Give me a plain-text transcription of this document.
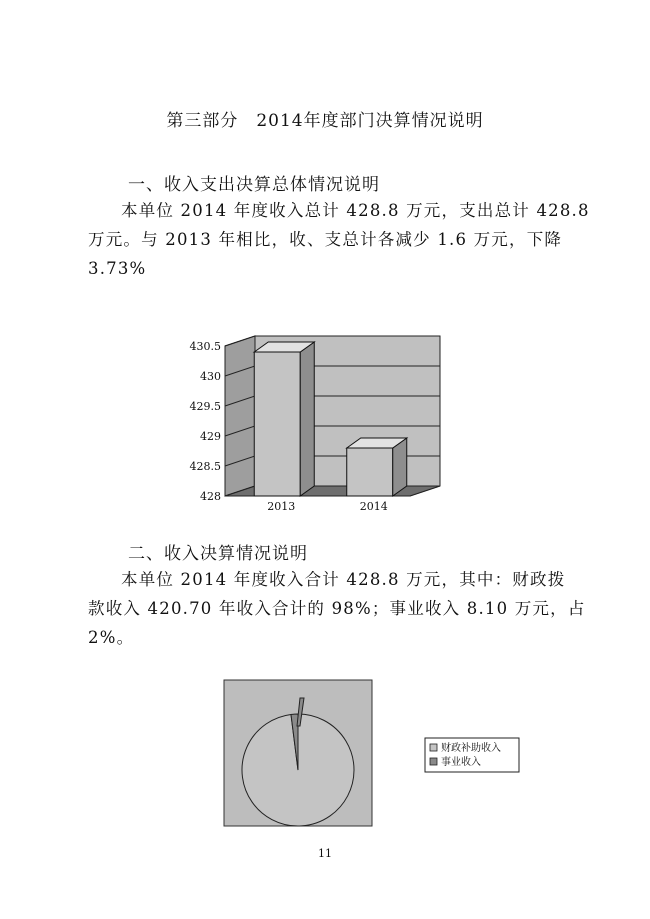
第三部分　2014年度部门决算情况说明
一、收入支出决算总体情况说明
本单位 2014 年度收入总计 428.8 万元，支出总计 428.8
万元。与 2013 年相比，收、支总计各减少 1.6 万元，下降
3.73%
428
428.5
429
429.5
430
430.5
2013	2014
二、收入决算情况说明
本单位 2014 年度收入合计 428.8 万元，其中：财政拨
款收入 420.70 年收入合计的 98%；事业收入 8.10 万元，占
2%。
财政补助收入
事业收入
11
